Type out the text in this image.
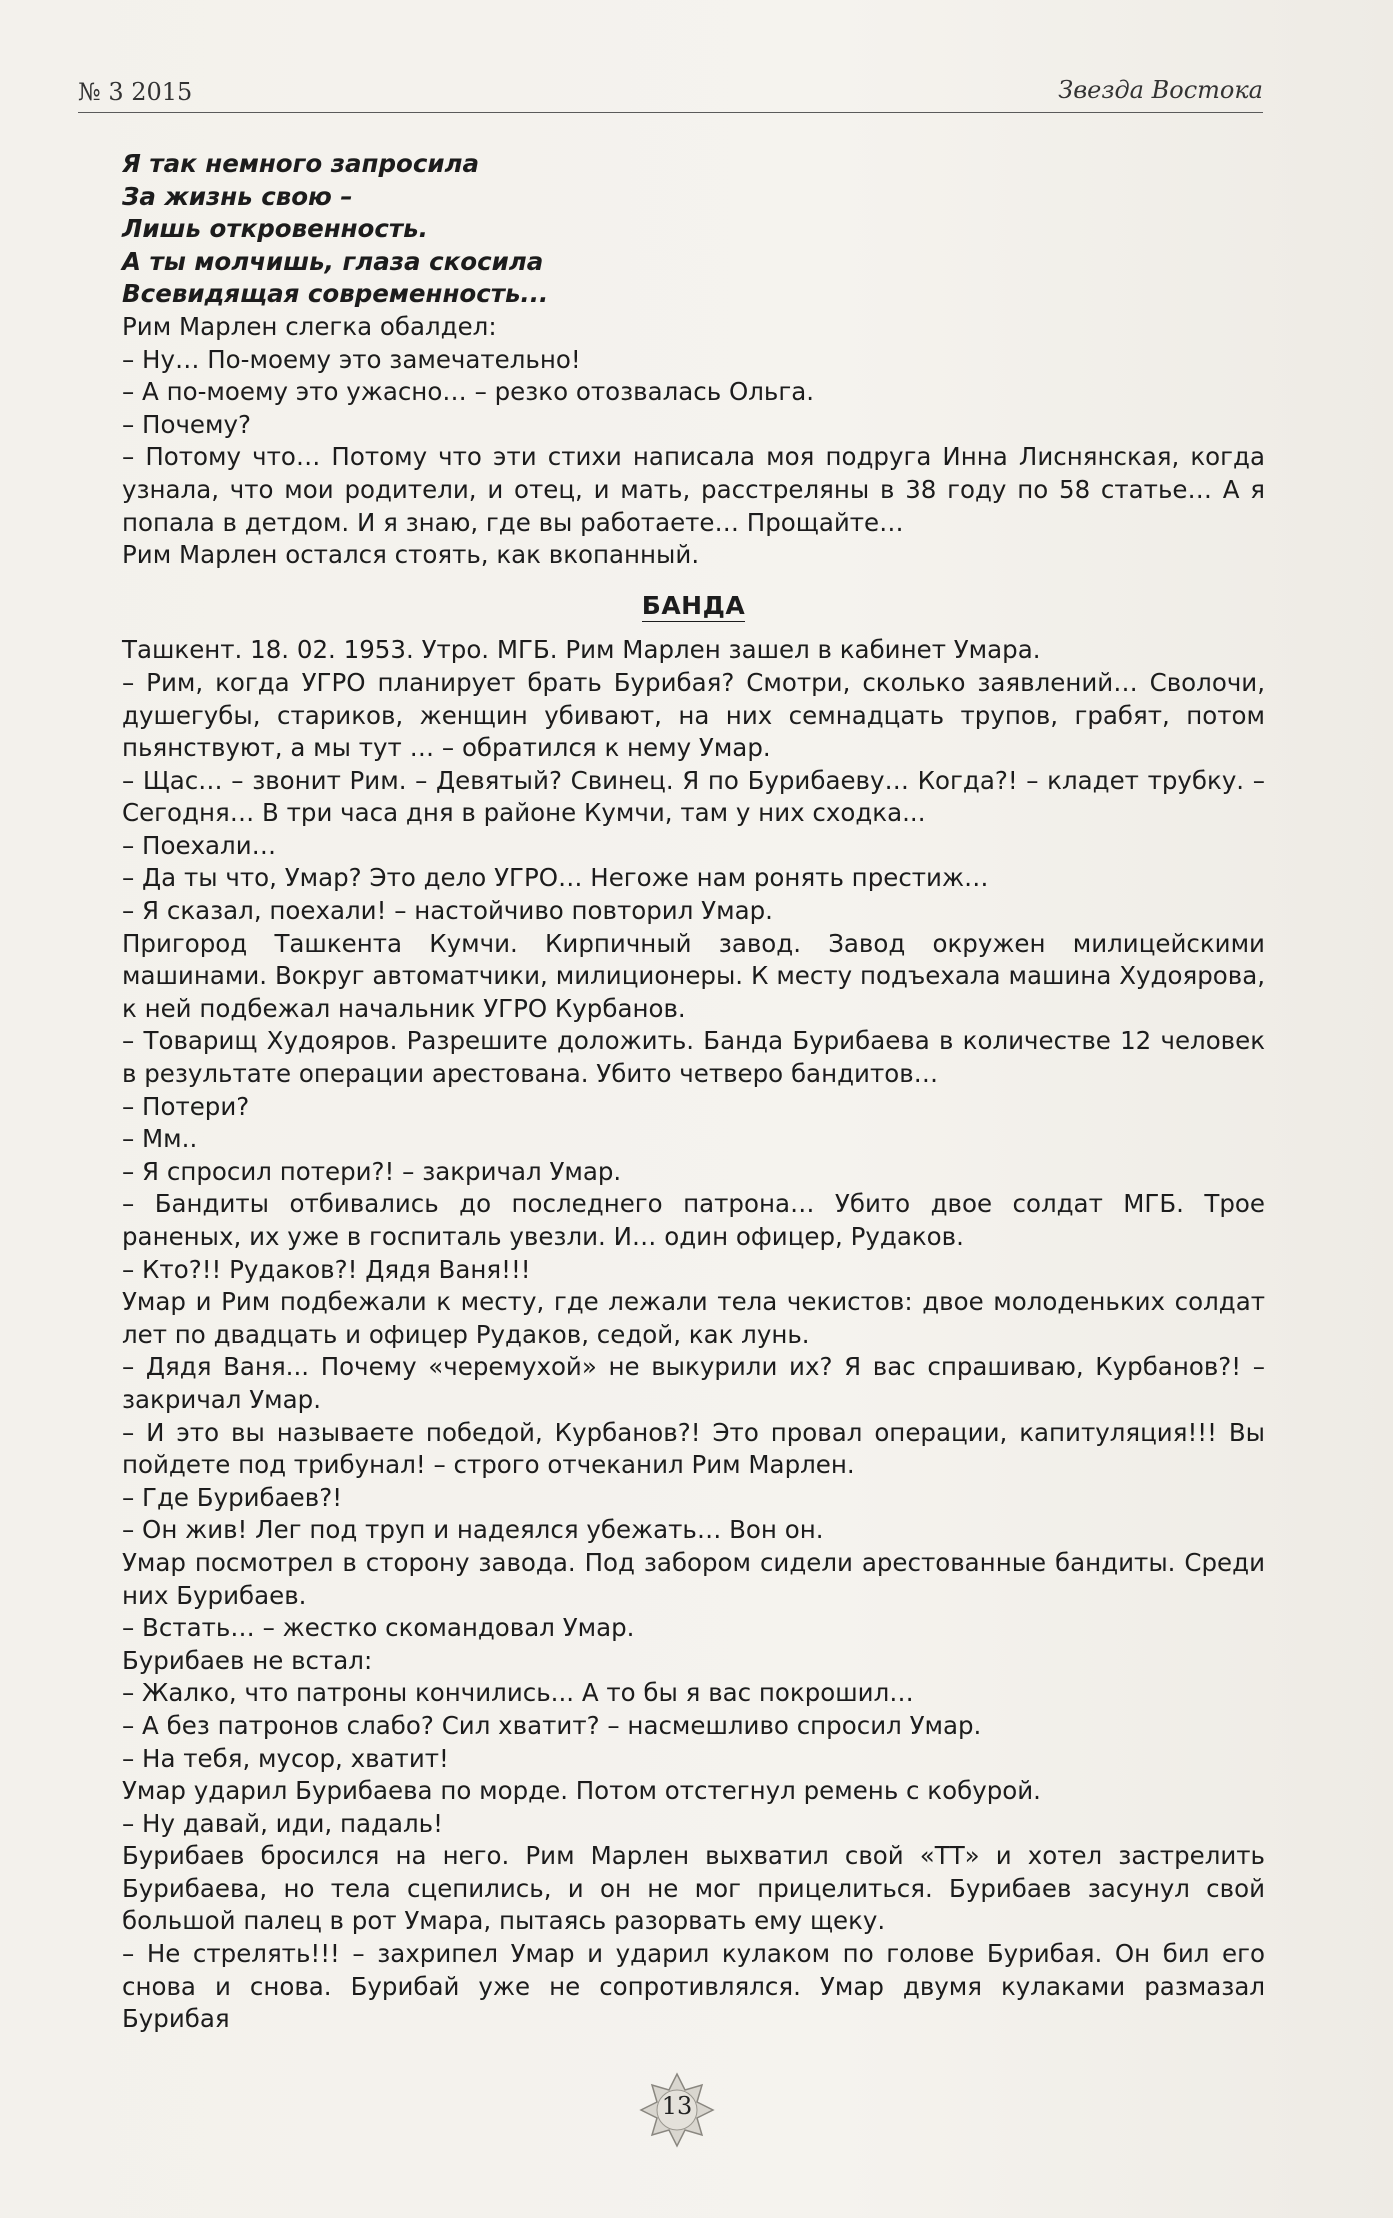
№ 3 2015	Звезда Востока

Я так немного запросила

За жизнь свою –

Лишь откровенность.

А ты молчишь, глаза скосила

Всевидящая современность...

Рим Марлен слегка обалдел:

– Ну… По-моему это замечательно!

– А по-моему это ужасно… – резко отозвалась Ольга.

– Почему?

– Потому что… Потому что эти стихи написала моя подруга Инна Лиснянская, когда узнала, что мои родители, и отец, и мать, расстреляны в 38 году по 58 статье… А я попала в детдом. И я знаю, где вы работаете… Прощайте…

Рим Марлен остался стоять, как вкопанный.

БАНДА

Ташкент. 18. 02. 1953. Утро. МГБ. Рим Марлен зашел в кабинет Умара.

– Рим, когда УГРО планирует брать Бурибая? Смотри, сколько заявлений… Сволочи, душегубы, стариков, женщин убивают, на них семнадцать трупов, грабят, потом пьянствуют, а мы тут … – обратился к нему Умар.

– Щас… – звонит Рим. – Девятый? Свинец. Я по Бурибаеву… Когда?! – кладет трубку. – Сегодня… В три часа дня в районе Кумчи, там у них сходка...

– Поехали…

– Да ты что, Умар? Это дело УГРО… Негоже нам ронять престиж…

– Я сказал, поехали! – настойчиво повторил Умар.

Пригород Ташкента Кумчи. Кирпичный завод. Завод окружен милицейскими машинами. Вокруг автоматчики, милиционеры. К месту подъехала машина Худоярова, к ней подбежал начальник УГРО Курбанов.

– Товарищ Худояров. Разрешите доложить. Банда Бурибаева в количестве 12 человек в результате операции арестована. Убито четверо бандитов…

– Потери?

– Мм..

– Я спросил потери?! – закричал Умар.

– Бандиты отбивались до последнего патрона… Убито двое солдат МГБ. Трое раненых, их уже в госпиталь увезли. И… один офицер, Рудаков.

– Кто?!! Рудаков?! Дядя Ваня!!!

Умар и Рим подбежали к месту, где лежали тела чекистов: двое молоденьких солдат лет по двадцать и офицер Рудаков, седой, как лунь.

– Дядя Ваня... Почему «черемухой» не выкурили их? Я вас спрашиваю, Курбанов?! – закричал Умар.

– И это вы называете победой, Курбанов?! Это провал операции, капитуляция!!! Вы пойдете под трибунал! – строго отчеканил Рим Марлен.

– Где Бурибаев?!

– Он жив! Лег под труп и надеялся убежать… Вон он.

Умар посмотрел в сторону завода. Под забором сидели арестованные бандиты. Среди них Бурибаев.

– Встать… – жестко скомандовал Умар.

Бурибаев не встал:

– Жалко, что патроны кончились... А то бы я вас покрошил…

– А без патронов слабо? Сил хватит? – насмешливо спросил Умар.

– На тебя, мусор, хватит!

Умар ударил Бурибаева по морде. Потом отстегнул ремень с кобурой.

– Ну давай, иди, падаль!

Бурибаев бросился на него. Рим Марлен выхватил свой «ТТ» и хотел застрелить Бурибаева, но тела сцепились, и он не мог прицелиться. Бурибаев засунул свой большой палец в рот Умара, пытаясь разорвать ему щеку.

– Не стрелять!!! – захрипел Умар и ударил кулаком по голове Бурибая. Он бил его снова и снова. Бурибай уже не сопротивлялся. Умар двумя кулаками размазал Бурибая

13
